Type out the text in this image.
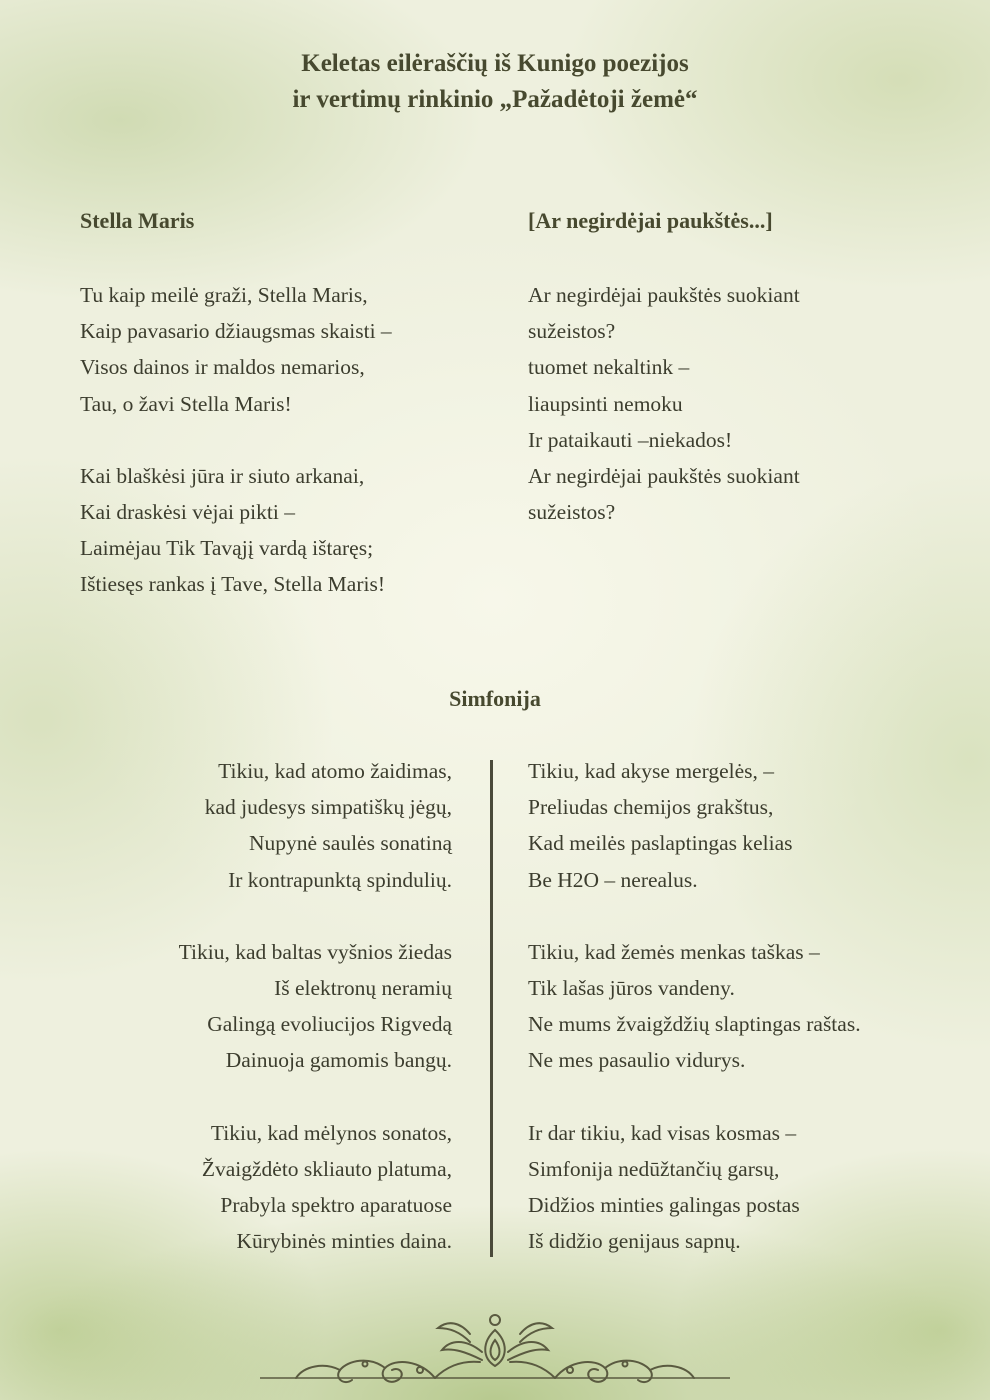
Keletas eilėraščių iš Kunigo poezijos
ir vertimų rinkinio „Pažadėtoji žemė“
Stella Maris
Tu kaip meilė graži, Stella Maris,
Kaip pavasario džiaugsmas skaisti –
Visos dainos ir maldos nemarios,
Tau, o žavi Stella Maris!
Kai blaškėsi jūra ir siuto arkanai,
Kai draskėsi vėjai pikti –
Laimėjau Tik Tavąjį vardą ištaręs;
Ištiesęs rankas į Tave, Stella Maris!
[Ar negirdėjai paukštės...]
Ar negirdėjai paukštės suokiant
sužeistos?
tuomet nekaltink –
liaupsinti nemoku
Ir pataikauti –niekados!
Ar negirdėjai paukštės suokiant
sužeistos?
Simfonija
Tikiu, kad atomo žaidimas,
kad judesys simpatiškų jėgų,
Nupynė saulės sonatiną
Ir kontrapunktą spindulių.
Tikiu, kad baltas vyšnios žiedas
Iš elektronų neramių
Galingą evoliucijos Rigvedą
Dainuoja gamomis bangų.
Tikiu, kad mėlynos sonatos,
Žvaigždėto skliauto platuma,
Prabyla spektro aparatuose
Kūrybinės minties daina.
Tikiu, kad akyse mergelės, –
Preliudas chemijos grakštus,
Kad meilės paslaptingas kelias
Be H2O – nerealus.
Tikiu, kad žemės menkas taškas –
Tik lašas jūros vandeny.
Ne mums žvaigždžių slaptingas raštas.
Ne mes pasaulio vidurys.
Ir dar tikiu, kad visas kosmas –
Simfonija nedūžtančių garsų,
Didžios minties galingas postas
Iš didžio genijaus sapnų.
